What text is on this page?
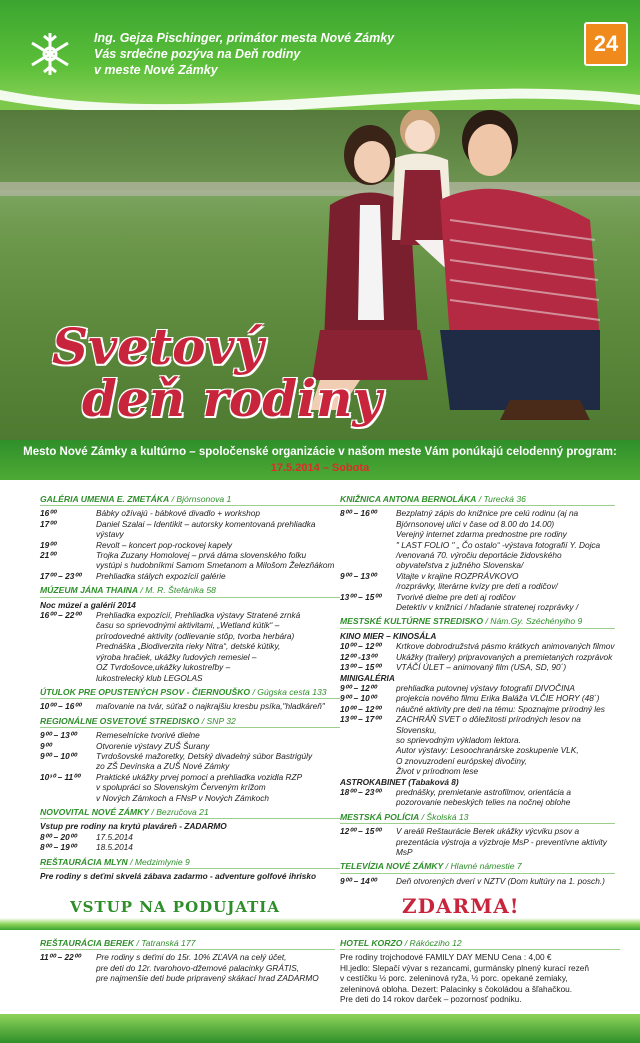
Ing. Gejza Pischinger, primátor mesta Nové Zámky
Vás srdečne pozýva na Deň rodiny
v meste Nové Zámky
24
Svetový
deň rodiny
Mesto Nové Zámky a kultúrno – spoločenské organizácie v našom meste Vám ponúkajú celodenný program:
17.5.2014 – Sobota
GALÉRIA UMENIA E. ZMETÁKA / Bjórnsonova 1
16⁰⁰	Bábky ožívajú - bábkové divadlo + workshop
17⁰⁰	Daniel Szalai – Identikit – autorsky komentovaná prehliadka výstavy
19⁰⁰	Revolt – koncert pop-rockovej kapely
21⁰⁰	Trojka Zuzany Homolovej – prvá dáma slovenského folku
vystúpi s hudobníkmi Samom Smetanom a Milošom Železňákom
17⁰⁰ – 23⁰⁰	Prehliadka stálych expozícií galérie
MÚZEUM JÁNA THAINA / M. R. Štefánika 58
Noc múzeí a galérií 2014
16⁰⁰ – 22⁰⁰	Prehliadka expozícií, Prehliadka výstavy Stratené zrnká
času so sprievodnými aktivitami, „Wetland kútik“ –
prírodovedné aktivity (odlievanie stôp, tvorba herbára)
Prednáška „Biodiverzita rieky Nitra“, detské kútiky,
výroba hračiek, ukážky ľudových remesiel –
OZ Tvrdošovce,ukážky lukostreľby –
lukostrelecký klub LEGOLAS
ÚTULOK PRE OPUSTENÝCH PSOV - ČIERNOUŠKO / Gúgska cesta 133
10⁰⁰ – 16⁰⁰	maľovanie na tvár, súťaž o najkrajšiu kresbu psíka,"hladkáreň"
REGIONÁLNE OSVETOVÉ STREDISKO / SNP 32
9⁰⁰ – 13⁰⁰	Remeselnícke tvorivé dielne
9⁰⁰	Otvorenie výstavy ZUŠ Šurany
9⁰⁰ – 10⁰⁰	Tvrdošovské mažoretky, Detský divadelný súbor Bastrigúly
zo ZŠ Devínska a ZUŠ Nové Zámky
10³⁰ – 11⁰⁰	Praktické ukážky prvej pomoci a prehliadka vozidla RZP
v spolupráci so Slovenským Červeným krížom
v Nových Zámkoch a FNsP v Nových Zámkoch
NOVOVITAL NOVÉ ZÁMKY / Bezručova 21
Vstup pre rodiny na krytú plaváreň - ZADARMO
8⁰⁰ – 20⁰⁰	17.5.2014
8⁰⁰ – 19⁰⁰	18.5.2014
REŠTAURÁCIA MLYN / Medzimlynie 9
Pre rodiny s deťmi skvelá zábava zadarmo - adventure golfové ihrisko
KNIŽNICA ANTONA BERNOLÁKA / Turecká 36
8⁰⁰ – 16⁰⁰	Bezplatný zápis do knižnice pre celú rodinu (aj na
Bjórnsonovej ulici v čase od 8.00 do 14.00)
Verejný internet zdarma prednostne pre rodiny
" LAST FOLIO " „ Čo ostalo“ -výstava fotografií Y. Dojca
/venovaná 70. výročiu deportácie židovského
obyvateľstva z južného Slovenska/
9⁰⁰ – 13⁰⁰	Vitajte v krajine ROZPRÁVKOVO
/rozprávky, literárne kvízy pre deti a rodičov/
13⁰⁰ – 15⁰⁰	Tvorivé dielne pre deti aj rodičov
Detektív v knižnici / hľadanie stratenej rozprávky /
MESTSKÉ KULTÚRNE STREDISKO / Nám.Gy. Széchényiho 9
KINO MIER – KINOSÁLA
10⁰⁰ – 12⁰⁰	Krtkove dobrodružstvá pásmo krátkych animovaných filmov
12⁰⁰ -13⁰⁰	Ukážky (trailery) pripravovaných a premietaných rozprávok
13⁰⁰ – 15⁰⁰	VTÁČÍ ÚLET – animovaný film (USA, SD, 90´)
MINIGALÉRIA
9⁰⁰ – 12⁰⁰	prehliadka putovnej výstavy fotografií DIVOČINA
9⁰⁰ – 10⁰⁰	projekcia nového filmu Erika Baláža VLČIE HORY (48´)
10⁰⁰ – 12⁰⁰	náučné aktivity pre deti na tému: Spoznajme prírodný les
13⁰⁰ – 17⁰⁰	ZACHRÁŇ SVET o dôležitosti prírodných lesov na Slovensku,
so sprievodným výkladom lektora.
Autor výstavy: Lesoochranárske zoskupenie VLK,
O znovuzrodení európskej divočiny,
Život v prírodnom lese
ASTROKABINET (Tabaková 8)
18⁰⁰ – 23⁰⁰	prednášky, premietanie astrofilmov, orientácia a
pozorovanie nebeských telies na nočnej oblohe
MESTSKÁ POLÍCIA / Školská 13
12⁰⁰ – 15⁰⁰	V areáli Reštaurácie Berek ukážky výcviku psov a
prezentácia výstroja a výzbroje MsP - preventívne aktivity MsP
TELEVÍZIA NOVÉ ZÁMKY / Hlavné námestie 7
9⁰⁰ – 14⁰⁰	Deň otvorených dverí v NZTV (Dom kultúry na 1. posch.)
VSTUP NA PODUJATIA	ZDARMA!
REŠTAURÁCIA BEREK / Tatranská 177
11⁰⁰ – 22⁰⁰	Pre rodiny s deťmi do 15r. 10% ZĽAVA na celý účet,
pre deti do 12r. tvarohovo-džemové palacinky GRÁTIS,
pre najmenšie deti bude pripravený skákací hrad ZADARMO
HOTEL KORZO / Rákócziho 12
Pre rodiny trojchodové FAMILY DAY MENU Cena : 4,00 €
Hl.jedlo: Slepačí vývar s rezancami, gurmánsky plnený kurací rezeň
v cestíčku ½ porc. zeleninová ryža, ½ porc. opekané zemiaky,
zeleninová obloha. Dezert: Palacinky s čokoládou a šľahačkou.
Pre deti do 14 rokov darček – pozornosť podniku.
